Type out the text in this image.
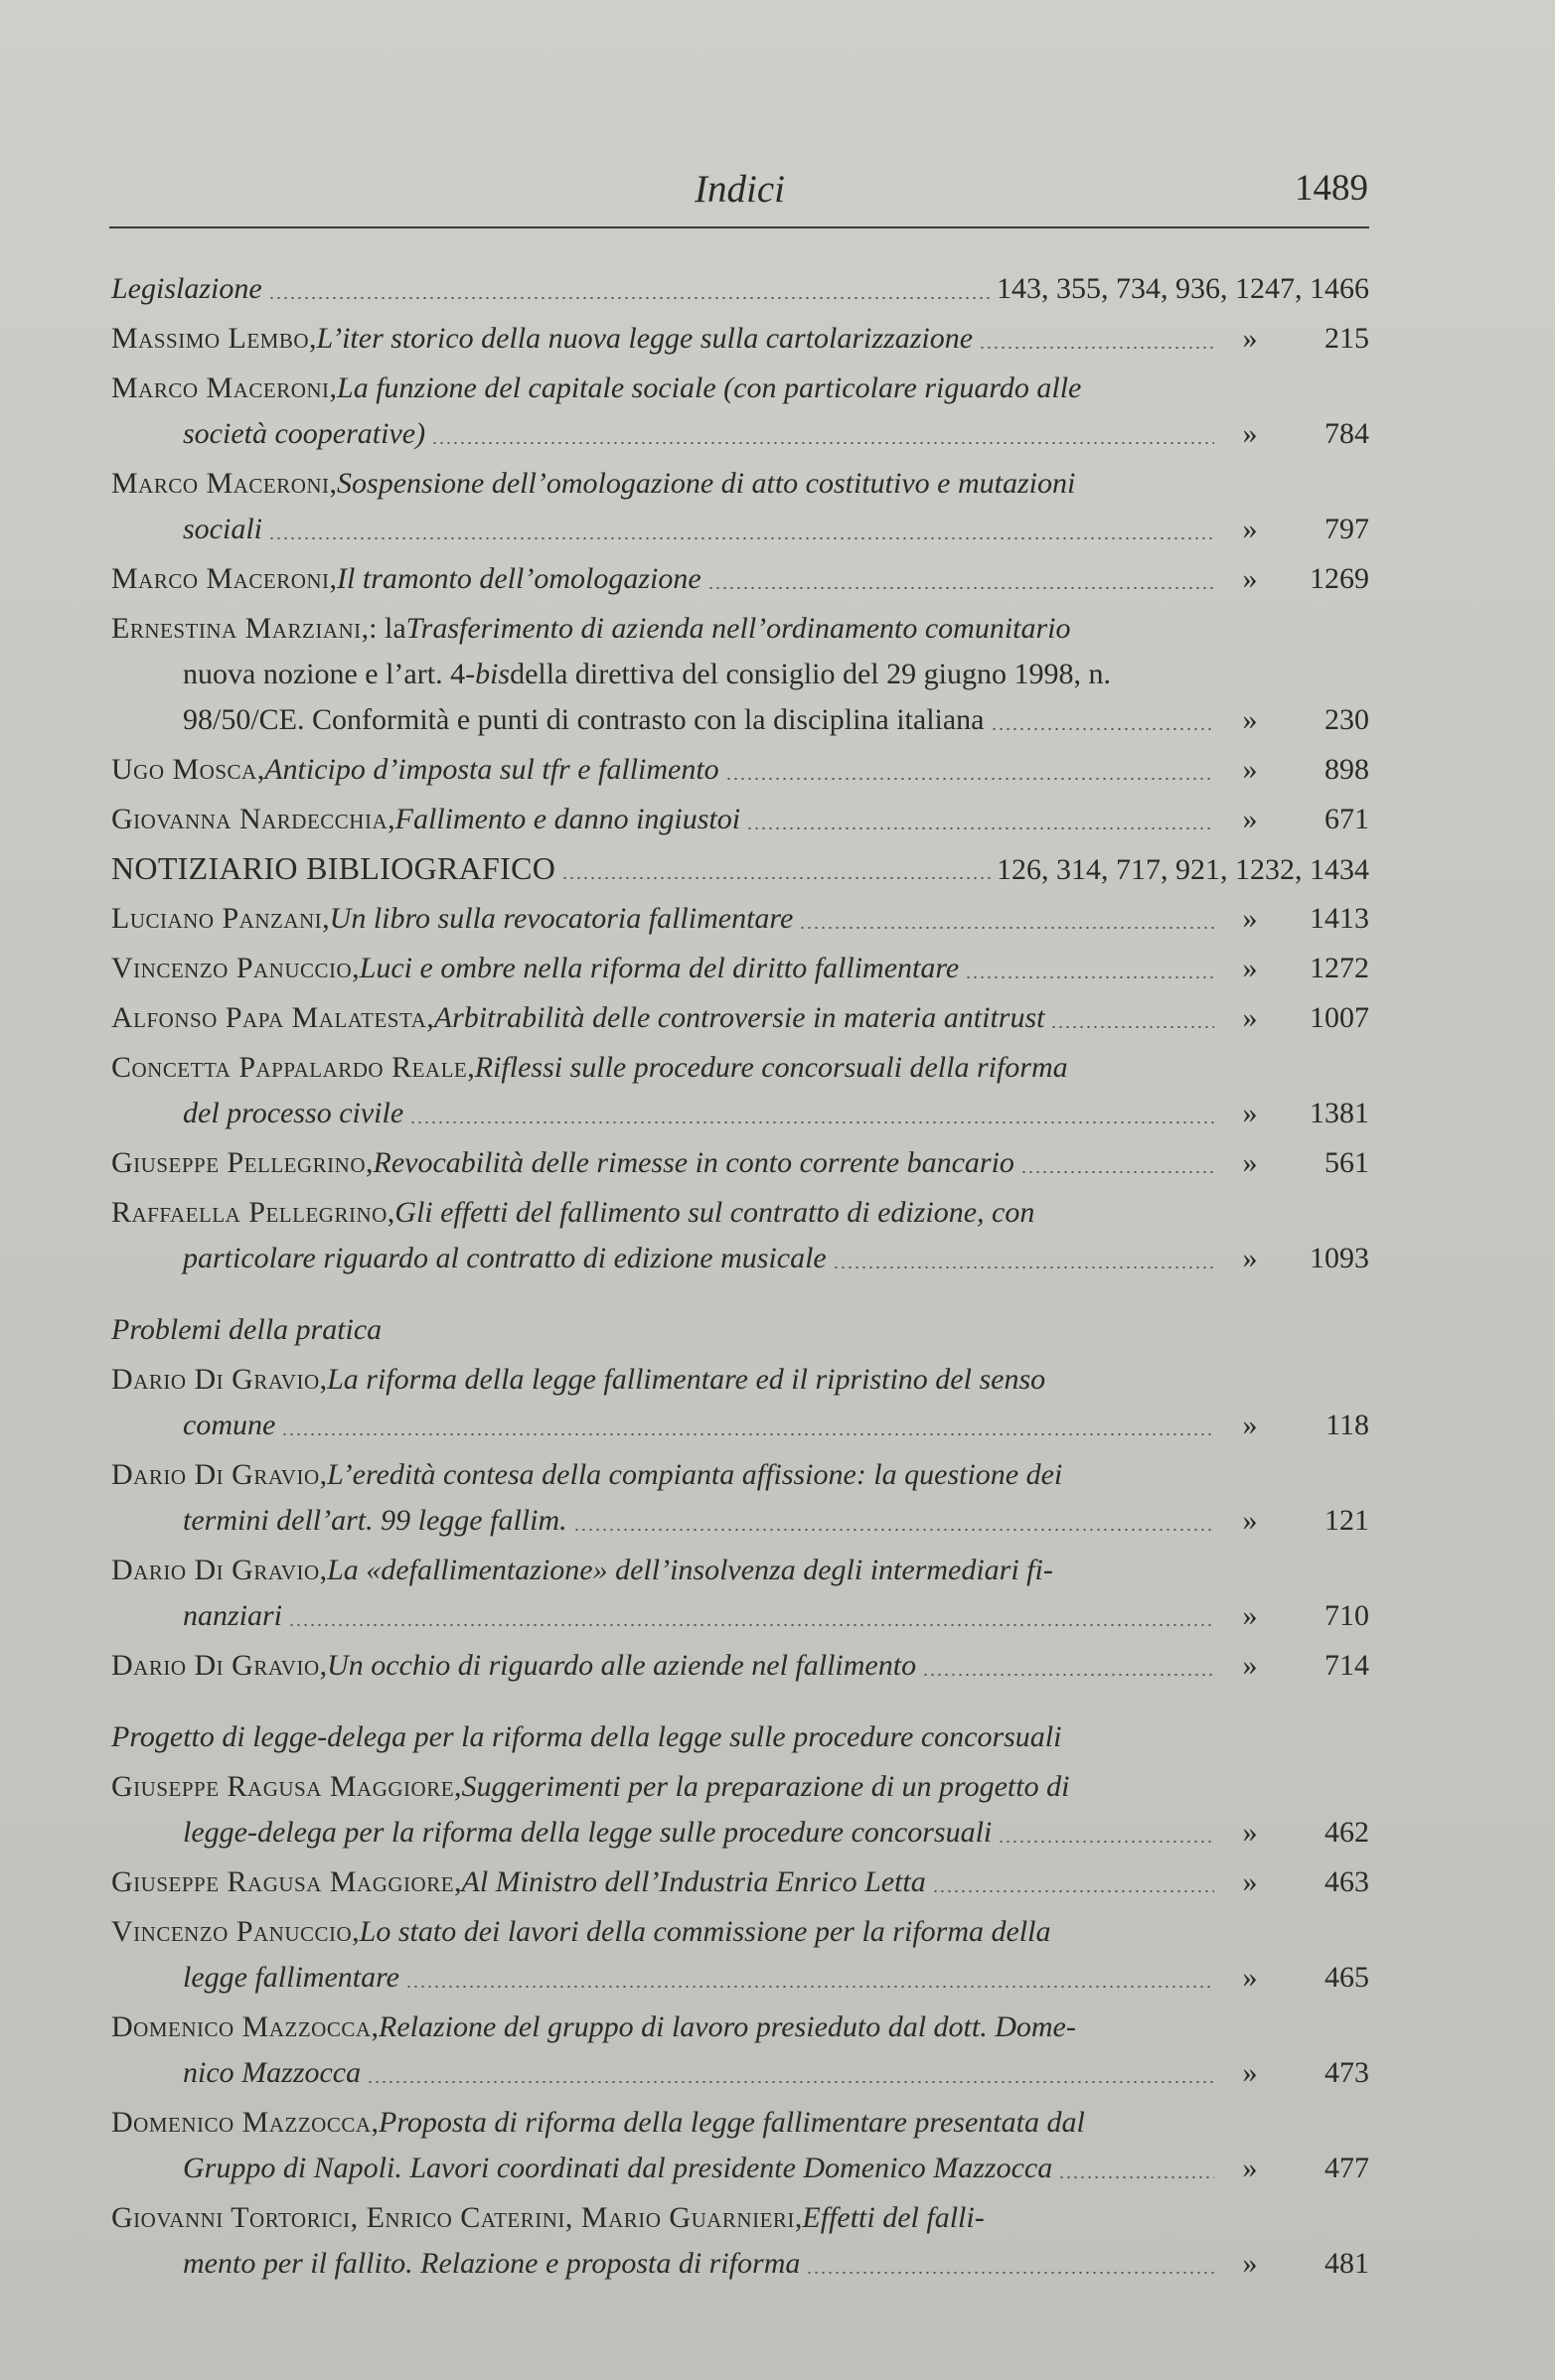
Indici	1489
Legislazione	143, 355, 734, 936, 1247, 1466
Massimo Lembo , L’iter storico della nuova legge sulla cartolarizzazione	»	215
Marco Maceroni , La funzione del capitale sociale (con particolare riguardo alle
società cooperative)	»	784
Marco Maceroni , Sospensione dell’omologazione di atto costitutivo e mutazioni
sociali	»	797
Marco Maceroni , Il tramonto dell’omologazione	»	1269
Ernestina Marziani , : la Trasferimento di azienda nell’ordinamento comunitario
nuova nozione e l’art. 4- bis della direttiva del consiglio del 29 giugno 1998, n.
98/50/CE. Conformità e punti di contrasto con la disciplina italiana	»	230
Ugo Mosca , Anticipo d’imposta sul tfr e fallimento	»	898
Giovanna Nardecchia , Fallimento e danno ingiustoi	»	671
NOTIZIARIO BIBLIOGRAFICO	126, 314, 717, 921, 1232, 1434
Luciano Panzani , Un libro sulla revocatoria fallimentare	»	1413
Vincenzo Panuccio , Luci e ombre nella riforma del diritto fallimentare	»	1272
Alfonso Papa Malatesta , Arbitrabilità delle controversie in materia antitrust	»	1007
Concetta Pappalardo Reale , Riflessi sulle procedure concorsuali della riforma
del processo civile	»	1381
Giuseppe Pellegrino , Revocabilità delle rimesse in conto corrente bancario	»	561
Raffaella Pellegrino , Gli effetti del fallimento sul contratto di edizione, con
particolare riguardo al contratto di edizione musicale	»	1093
Problemi della pratica
Dario Di Gravio , La riforma della legge fallimentare ed il ripristino del senso
comune	»	118
Dario Di Gravio , L’eredità contesa della compianta affissione: la questione dei
termini dell’art. 99 legge fallim.	»	121
Dario Di Gravio , La «defallimentazione» dell’insolvenza degli intermediari fi-
nanziari	»	710
Dario Di Gravio , Un occhio di riguardo alle aziende nel fallimento	»	714
Progetto di legge-delega per la riforma della legge sulle procedure concorsuali
Giuseppe Ragusa Maggiore , Suggerimenti per la preparazione di un progetto di
legge-delega per la riforma della legge sulle procedure concorsuali	»	462
Giuseppe Ragusa Maggiore , Al Ministro dell’Industria Enrico Letta	»	463
Vincenzo Panuccio , Lo stato dei lavori della commissione per la riforma della
legge fallimentare	»	465
Domenico Mazzocca , Relazione del gruppo di lavoro presieduto dal dott. Dome-
nico Mazzocca	»	473
Domenico Mazzocca , Proposta di riforma della legge fallimentare presentata dal
Gruppo di Napoli. Lavori coordinati dal presidente Domenico Mazzocca	»	477
Giovanni Tortorici, Enrico Caterini, Mario Guarnieri , Effetti del falli-
mento per il fallito. Relazione e proposta di riforma	»	481
